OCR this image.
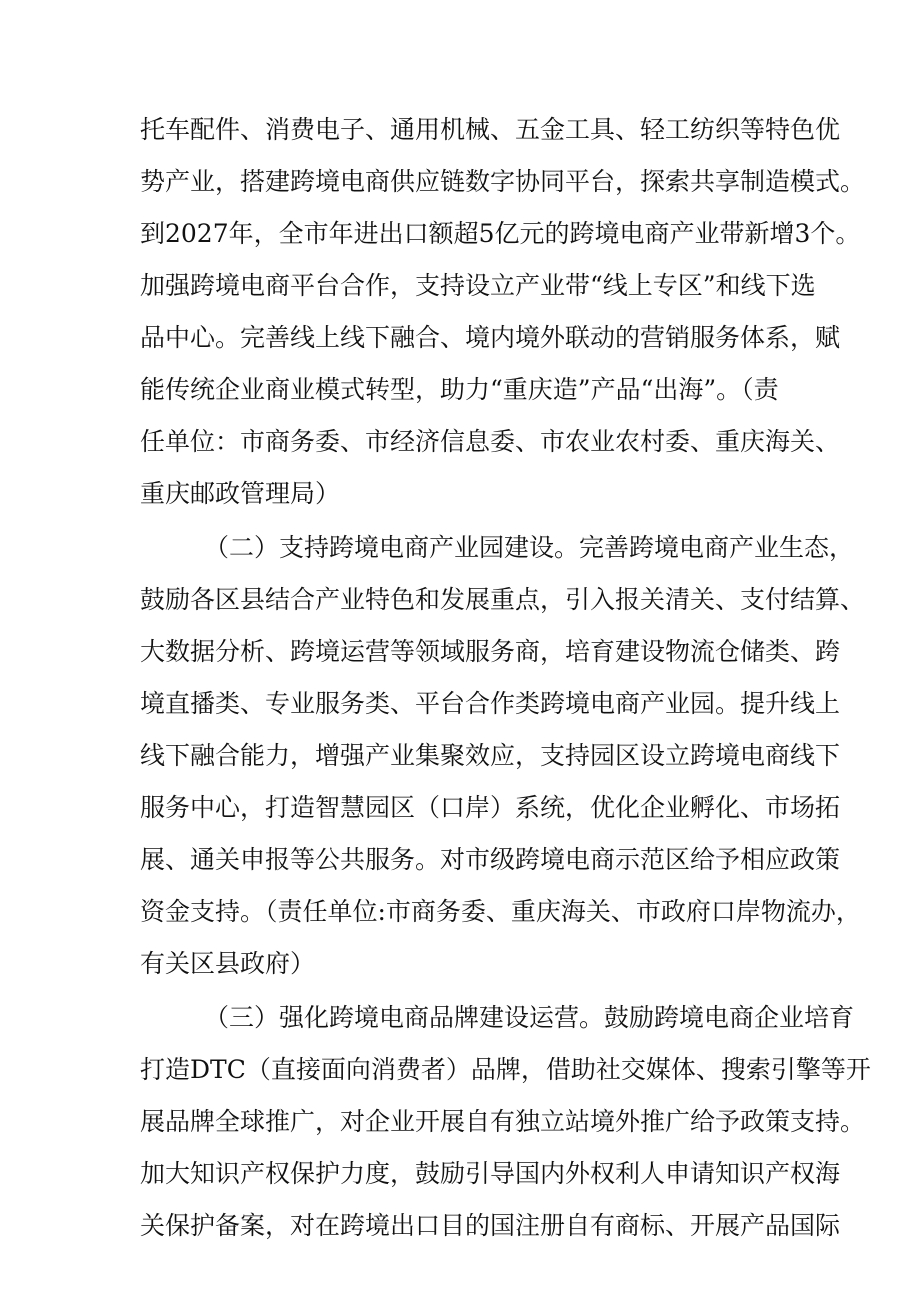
托车配件、消费电子、通用机械、五金工具、轻工纺织等特色优
势产业，搭建跨境电商供应链数字协同平台，探索共享制造模式。
到2027年，全市年进出口额超5亿元的跨境电商产业带新增3个。
加强跨境电商平台合作，支持设立产业带“线上专区”和线下选
品中心。完善线上线下融合、境内境外联动的营销服务体系，赋
能传统企业商业模式转型，助力“重庆造”产品“出海”。（责
任单位：市商务委、市经济信息委、市农业农村委、重庆海关、
重庆邮政管理局）
（二）支持跨境电商产业园建设。完善跨境电商产业生态，
鼓励各区县结合产业特色和发展重点，引入报关清关、支付结算、
大数据分析、跨境运营等领域服务商，培育建设物流仓储类、跨
境直播类、专业服务类、平台合作类跨境电商产业园。提升线上
线下融合能力，增强产业集聚效应，支持园区设立跨境电商线下
服务中心，打造智慧园区（口岸）系统，优化企业孵化、市场拓
展、通关申报等公共服务。对市级跨境电商示范区给予相应政策
资金支持。（责任单位:市商务委、重庆海关、市政府口岸物流办，
有关区县政府）
（三）强化跨境电商品牌建设运营。鼓励跨境电商企业培育
打造DTC（直接面向消费者）品牌，借助社交媒体、搜索引擎等开
展品牌全球推广，对企业开展自有独立站境外推广给予政策支持。
加大知识产权保护力度，鼓励引导国内外权利人申请知识产权海
关保护备案，对在跨境出口目的国注册自有商标、开展产品国际
